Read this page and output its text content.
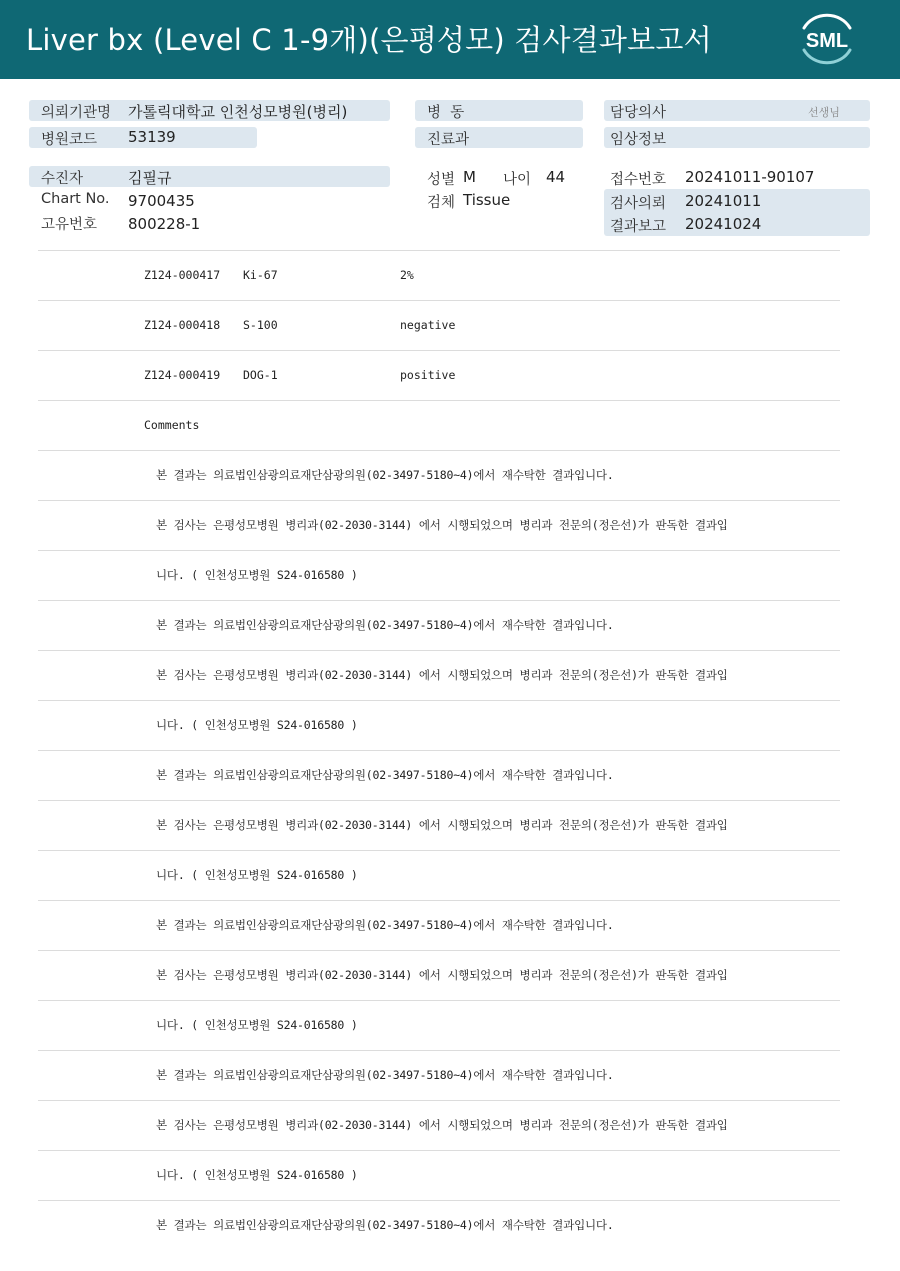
Liver bx (Level C 1-9개)(은평성모) 검사결과보고서	SML
의뢰기관명 가톨릭대학교 인천성모병원(병리)
병원코드 53139
병  동
진료과
담당의사	선생님
임상정보
수진자	김필규
Chart No. 9700435
고유번호 800228-1
성별 M 나이 44
검체 Tissue
접수번호 20241011-90107
검사의뢰 20241011
결과보고 20241024
Z124-000417 Ki-67	2%
Z124-000418 S-100	negative
Z124-000419 DOG-1	positive
Comments
본 결과는 의료법인삼광의료재단삼광의원(02-3497-5180~4)에서 재수탁한 결과입니다.
본 검사는 은평성모병원 병리과(02-2030-3144) 에서 시행되었으며 병리과 전문의(정은선)가 판독한 결과입
니다. ( 인천성모병원 S24-016580 )
본 결과는 의료법인삼광의료재단삼광의원(02-3497-5180~4)에서 재수탁한 결과입니다.
본 검사는 은평성모병원 병리과(02-2030-3144) 에서 시행되었으며 병리과 전문의(정은선)가 판독한 결과입
니다. ( 인천성모병원 S24-016580 )
본 결과는 의료법인삼광의료재단삼광의원(02-3497-5180~4)에서 재수탁한 결과입니다.
본 검사는 은평성모병원 병리과(02-2030-3144) 에서 시행되었으며 병리과 전문의(정은선)가 판독한 결과입
니다. ( 인천성모병원 S24-016580 )
본 결과는 의료법인삼광의료재단삼광의원(02-3497-5180~4)에서 재수탁한 결과입니다.
본 검사는 은평성모병원 병리과(02-2030-3144) 에서 시행되었으며 병리과 전문의(정은선)가 판독한 결과입
니다. ( 인천성모병원 S24-016580 )
본 결과는 의료법인삼광의료재단삼광의원(02-3497-5180~4)에서 재수탁한 결과입니다.
본 검사는 은평성모병원 병리과(02-2030-3144) 에서 시행되었으며 병리과 전문의(정은선)가 판독한 결과입
니다. ( 인천성모병원 S24-016580 )
본 결과는 의료법인삼광의료재단삼광의원(02-3497-5180~4)에서 재수탁한 결과입니다.
